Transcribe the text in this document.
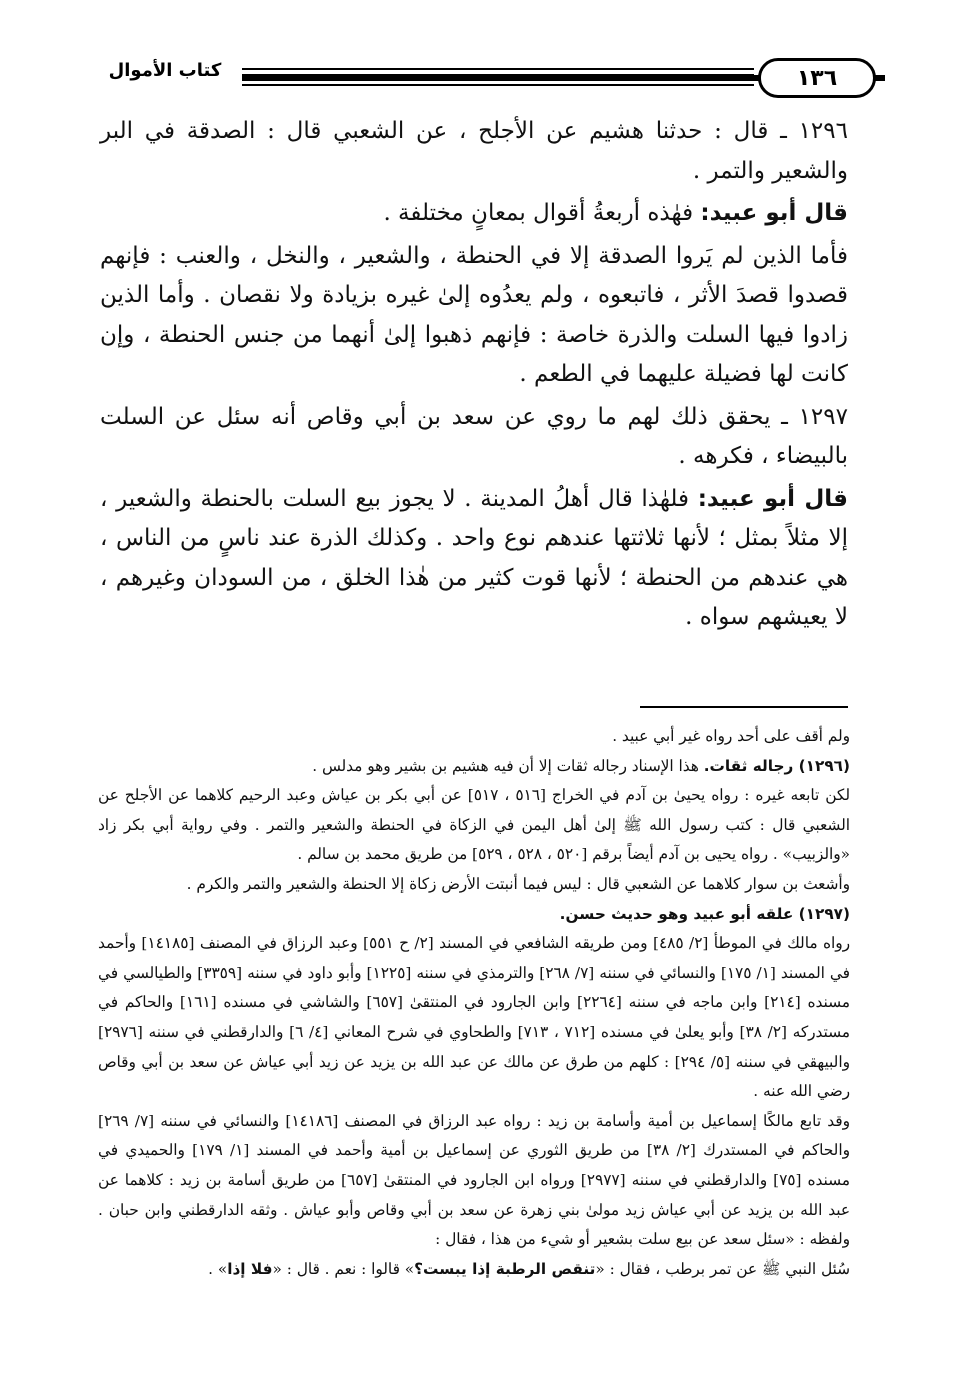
كتاب الأموال	١٣٦

١٢٩٦ ـ قال : حدثنا هشيم عن الأجلح ، عن الشعبي قال : الصدقة في البر والشعير والتمر .

قال أبو عبيد: فهٰذه أربعةُ أقوال بمعانٍ مختلفة .

فأما الذين لم يَروا الصدقة إلا في الحنطة ، والشعير ، والنخل ، والعنب : فإنهم قصدوا قصدَ الأثر ، فاتبعوه ، ولم يعدُوه إلىٰ غيره بزيادة ولا نقصان . وأما الذين زادوا فيها السلت والذرة خاصة : فإنهم ذهبوا إلىٰ أنهما من جنس الحنطة ، وإن كانت لها فضيلة عليهما في الطعم .

١٢٩٧ ـ يحقق ذلك لهم ما روي عن سعد بن أبي وقاص أنه سئل عن السلت بالبيضاء ، فكرهه .

قال أبو عبيد: فلهٰذا قال أهلُ المدينة . لا يجوز بيع السلت بالحنطة والشعير ، إلا مثلاً بمثل ؛ لأنها ثلاثتها عندهم نوع واحد . وكذلك الذرة عند ناسٍ من الناس ، هي عندهم من الحنطة ؛ لأنها قوت كثير من هٰذا الخلق ، من السودان وغيرهم ، لا يعيشهم سواه .

ولم أقف على أحد رواه غير أبي عبيد .

(١٢٩٦) رجاله ثقات. هذا الإسناد رجاله ثقات إلا أن فيه هشيم بن بشير وهو مدلس .

لكن تابعه غيره : رواه يحيىٰ بن آدم في الخراج [٥١٦ ، ٥١٧] عن أبي بكر بن عياش وعبد الرحيم كلاهما عن الأجلح عن الشعبي قال : كتب رسول الله ﷺ إلىٰ أهل اليمن في الزكاة في الحنطة والشعير والتمر . وفي رواية أبي بكر زاد «والزبيب» . رواه يحيى بن آدم أيضاً برقم [٥٢٠ ، ٥٢٨ ، ٥٢٩] من طريق محمد بن سالم .

وأشعث بن سوار كلاهما عن الشعبي قال : ليس فيما أنبتت الأرض زكاة إلا الحنطة والشعير والتمر والكرم .

(١٢٩٧) علقه أبو عبيد وهو حديث حسن.

رواه مالك في الموطأ [٢/ ٤٨٥] ومن طريقه الشافعي في المسند [٢/ ح ٥٥١] وعبد الرزاق في المصنف [١٤١٨٥] وأحمد في المسند [١/ ١٧٥] والنسائي في سننه [٧/ ٢٦٨] والترمذي في سننه [١٢٢٥] وأبو داود في سننه [٣٣٥٩] والطيالسي في مسنده [٢١٤] وابن ماجه في سننه [٢٢٦٤] وابن الجارود في المنتقىٰ [٦٥٧] والشاشي في مسنده [١٦١] والحاكم في مستدركه [٢/ ٣٨] وأبو يعلىٰ في مسنده [٧١٢ ، ٧١٣] والطحاوي في شرح المعاني [٤/ ٦] والدارقطني في سننه [٢٩٧٦] والبيهقي في سننه [٥/ ٢٩٤] : كلهم من طرق عن مالك عن عبد الله بن يزيد عن زيد أبي عياش عن سعد بن أبي وقاص رضي الله عنه .

وقد تابع مالكًا إسماعيل بن أمية وأسامة بن زيد : رواه عبد الرزاق في المصنف [١٤١٨٦] والنسائي في سننه [٧/ ٢٦٩] والحاكم في المستدرك [٢/ ٣٨] من طريق الثوري عن إسماعيل بن أمية وأحمد في المسند [١/ ١٧٩] والحميدي في مسنده [٧٥] والدارقطني في سننه [٢٩٧٧] ورواه ابن الجارود في المنتقىٰ [٦٥٧] من طريق أسامة بن زيد : كلاهما عن عبد الله بن يزيد عن أبي عياش زيد مولىٰ بني زهرة عن سعد بن أبي وقاص وأبو عياش . وثقه الدارقطني وابن حبان . ولفظه : «سئل سعد عن بيع سلت بشعير أو شيء من هذا ، فقال :

سُئل النبي ﷺ عن تمر برطب ، فقال : «تنقص الرطبة إذا يبست؟» قالوا : نعم . قال : «فلا إذا» .
